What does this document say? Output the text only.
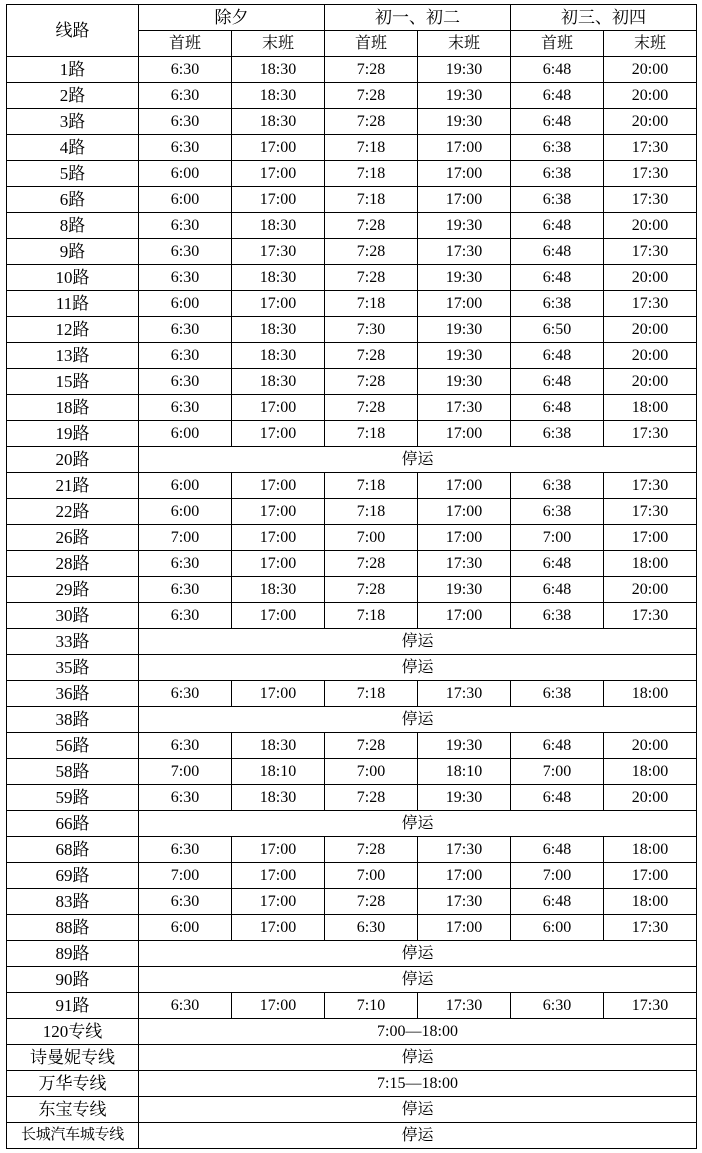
线路	除夕		初一、初二		初三、初四	
	首班	末班	首班	末班	首班	末班
1路	6:30	18:30	7:28	19:30	6:48	20:00
2路	6:30	18:30	7:28	19:30	6:48	20:00
3路	6:30	18:30	7:28	19:30	6:48	20:00
4路	6:30	17:00	7:18	17:00	6:38	17:30
5路	6:00	17:00	7:18	17:00	6:38	17:30
6路	6:00	17:00	7:18	17:00	6:38	17:30
8路	6:30	18:30	7:28	19:30	6:48	20:00
9路	6:30	17:30	7:28	17:30	6:48	17:30
10路	6:30	18:30	7:28	19:30	6:48	20:00
11路	6:00	17:00	7:18	17:00	6:38	17:30
12路	6:30	18:30	7:30	19:30	6:50	20:00
13路	6:30	18:30	7:28	19:30	6:48	20:00
15路	6:30	18:30	7:28	19:30	6:48	20:00
18路	6:30	17:00	7:28	17:30	6:48	18:00
19路	6:00	17:00	7:18	17:00	6:38	17:30
20路	停运					
21路	6:00	17:00	7:18	17:00	6:38	17:30
22路	6:00	17:00	7:18	17:00	6:38	17:30
26路	7:00	17:00	7:00	17:00	7:00	17:00
28路	6:30	17:00	7:28	17:30	6:48	18:00
29路	6:30	18:30	7:28	19:30	6:48	20:00
30路	6:30	17:00	7:18	17:00	6:38	17:30
33路	停运					
35路	停运					
36路	6:30	17:00	7:18	17:30	6:38	18:00
38路	停运					
56路	6:30	18:30	7:28	19:30	6:48	20:00
58路	7:00	18:10	7:00	18:10	7:00	18:00
59路	6:30	18:30	7:28	19:30	6:48	20:00
66路	停运					
68路	6:30	17:00	7:28	17:30	6:48	18:00
69路	7:00	17:00	7:00	17:00	7:00	17:00
83路	6:30	17:00	7:28	17:30	6:48	18:00
88路	6:00	17:00	6:30	17:00	6:00	17:30
89路	停运					
90路	停运					
91路	6:30	17:00	7:10	17:30	6:30	17:30
120专线	7:00—18:00					
诗曼妮专线	停运					
万华专线	7:15—18:00					
东宝专线	停运					
长城汽车城专线	停运					
